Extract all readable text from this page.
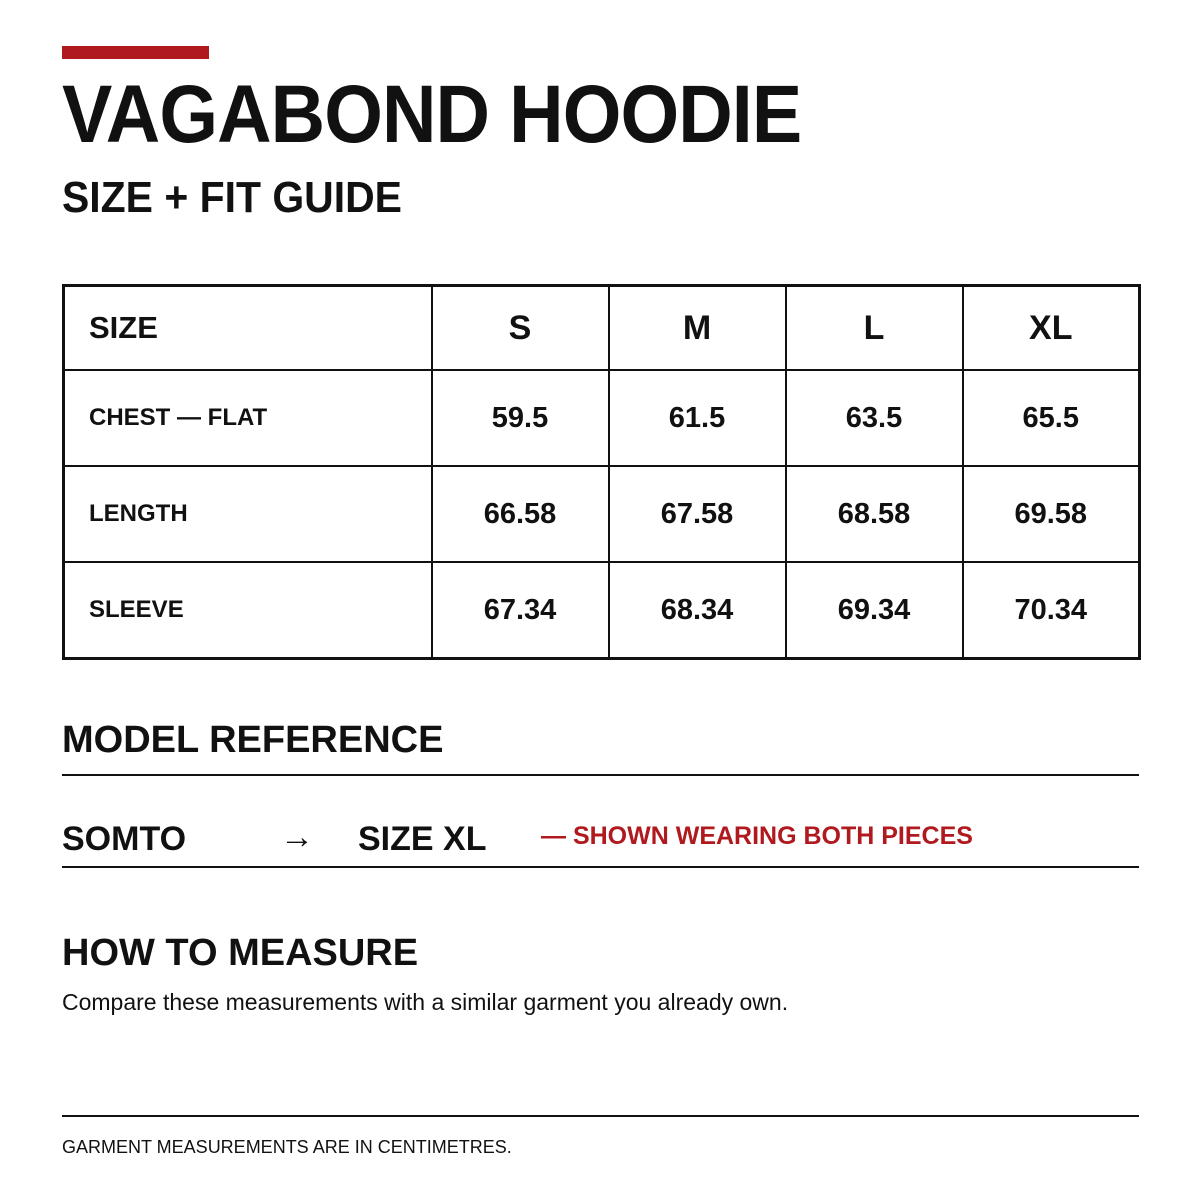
VAGABOND HOODIE
SIZE + FIT GUIDE
SIZE	S	M	L	XL
CHEST — FLAT	59.5	61.5	63.5	65.5
LENGTH	66.58	67.58	68.58	69.58
SLEEVE	67.34	68.34	69.34	70.34
MODEL REFERENCE
SOMTO	→ SIZE XL — SHOWN WEARING BOTH PIECES
HOW TO MEASURE

Compare these measurements with a similar garment you already own.

GARMENT MEASUREMENTS ARE IN CENTIMETRES.
